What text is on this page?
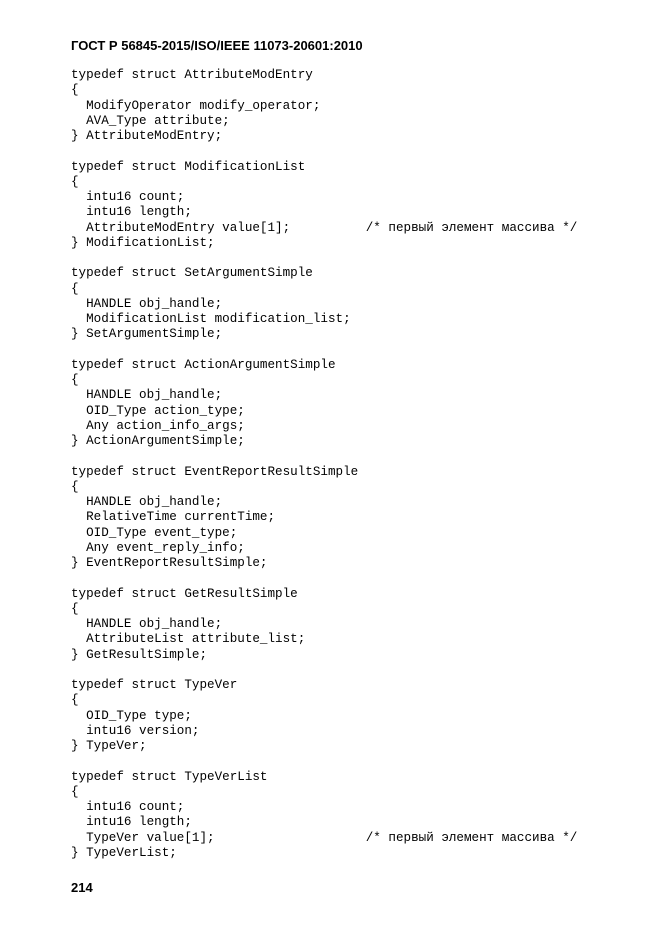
ГОСТ Р 56845-2015/ISO/IEEE 11073-20601:2010
typedef struct AttributeModEntry
{
ModifyOperator modify_operator;
AVA_Type attribute;
} AttributeModEntry;
typedef struct ModificationList
{
intu16 count;
intu16 length;
AttributeModEntry value[1];          /* первый элемент массива */
} ModificationList;
typedef struct SetArgumentSimple
{
HANDLE obj_handle;
ModificationList modification_list;
} SetArgumentSimple;
typedef struct ActionArgumentSimple
{
HANDLE obj_handle;
OID_Type action_type;
Any action_info_args;
} ActionArgumentSimple;
typedef struct EventReportResultSimple
{
HANDLE obj_handle;
RelativeTime currentTime;
OID_Type event_type;
Any event_reply_info;
} EventReportResultSimple;
typedef struct GetResultSimple
{
HANDLE obj_handle;
AttributeList attribute_list;
} GetResultSimple;
typedef struct TypeVer
{
OID_Type type;
intu16 version;
} TypeVer;
typedef struct TypeVerList
{
intu16 count;
intu16 length;
TypeVer value[1];                    /* первый элемент массива */
} TypeVerList;
214
